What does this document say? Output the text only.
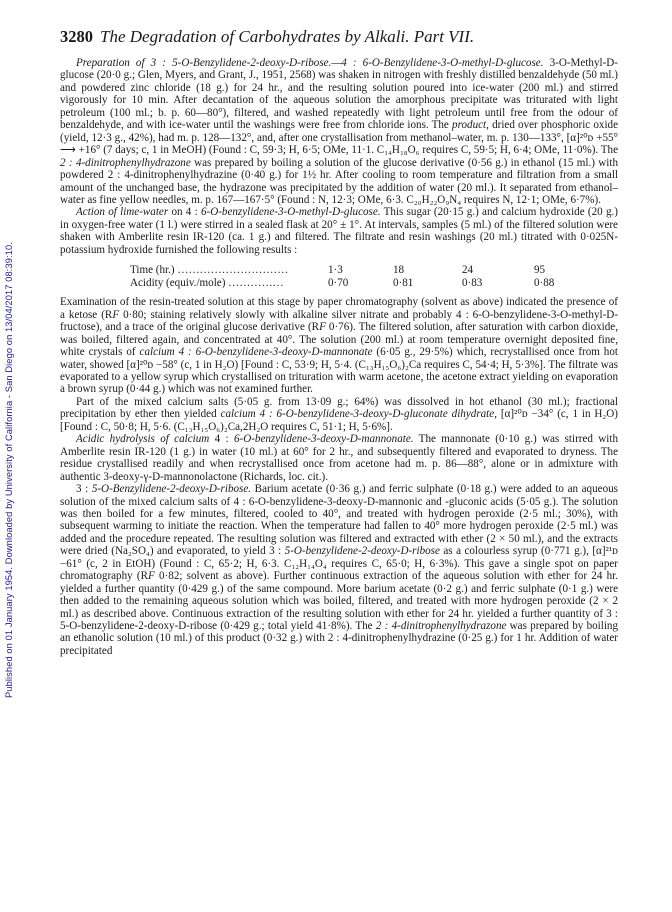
Published on 01 January 1954. Downloaded by University of California - San Diego on 13/04/2017 08:39:10.
3280 The Degradation of Carbohydrates by Alkali. Part VII.

Preparation of 3 : 5-O-Benzylidene-2-deoxy-D-ribose.—4 : 6-O-Benzylidene-3-O-methyl-D-glucose. 3-O-Methyl-D-glucose (20·0 g.; Glen, Myers, and Grant, J., 1951, 2568) was shaken in nitrogen with freshly distilled benzaldehyde (50 ml.) and powdered zinc chloride (18 g.) for 24 hr., and the resulting solution poured into ice-water (200 ml.) and stirred vigorously for 10 min. After decantation of the aqueous solution the amorphous precipitate was triturated with light petroleum (100 ml.; b. p. 60—80°), filtered, and washed repeatedly with light petroleum until free from the odour of benzaldehyde, and with ice-water until the washings were free from chloride ions. The product, dried over phosphoric oxide (yield, 12·3 g., 42%), had m. p. 128—132°, and, after one crystallisation from methanol–water, m. p. 130—133°, [α]²⁰ᴅ +55° ⟶ +16° (7 days; c, 1 in MeOH) (Found : C, 59·3; H, 6·5; OMe, 11·1. C₁₄H₁₈O₆ requires C, 59·5; H, 6·4; OMe, 11·0%). The 2 : 4-dinitrophenylhydrazone was prepared by boiling a solution of the glucose derivative (0·56 g.) in ethanol (15 ml.) with powdered 2 : 4-dinitrophenylhydrazine (0·40 g.) for 1½ hr. After cooling to room temperature and filtration from a small amount of the unchanged base, the hydrazone was precipitated by the addition of water (20 ml.). It separated from ethanol–water as fine yellow needles, m. p. 167—167·5° (Found : N, 12·3; OMe, 6·3. C₂₀H₂₂O₉N₄ requires N, 12·1; OMe, 6·7%).

Action of lime-water on 4 : 6-O-benzylidene-3-O-methyl-D-glucose. This sugar (20·15 g.) and calcium hydroxide (20 g.) in oxygen-free water (1 l.) were stirred in a sealed flask at 20° ± 1°. At intervals, samples (5 ml.) of the filtered solution were shaken with Amberlite resin IR-120 (ca. 1 g.) and filtered. The filtrate and resin washings (20 ml.) titrated with 0·025N-potassium hydroxide furnished the following results :

Time (hr.) …………………………	1·3	18	24	95
Acidity (equiv./mole) ……………	0·70	0·81	0·83	0·88

Examination of the resin-treated solution at this stage by paper chromatography (solvent as above) indicated the presence of a ketose (RF 0·80; staining relatively slowly with alkaline silver nitrate and probably 4 : 6-O-benzylidene-3-O-methyl-D-fructose), and a trace of the original glucose derivative (RF 0·76). The filtered solution, after saturation with carbon dioxide, was boiled, filtered again, and concentrated at 40°. The solution (200 ml.) at room temperature overnight deposited fine, white crystals of calcium 4 : 6-O-benzylidene-3-deoxy-D-mannonate (6·05 g., 29·5%) which, recrystallised once from hot water, showed [α]²⁰ᴅ −58° (c, 1 in H₂O) [Found : C, 53·9; H, 5·4. (C₁₃H₁₅O₆)₂Ca requires C, 54·4; H, 5·3%]. The filtrate was evaporated to a yellow syrup which crystallised on trituration with warm acetone, the acetone extract yielding on evaporation a brown syrup (0·44 g.) which was not examined further.

Part of the mixed calcium salts (5·05 g. from 13·09 g.; 64%) was dissolved in hot ethanol (30 ml.); fractional precipitation by ether then yielded calcium 4 : 6-O-benzylidene-3-deoxy-D-gluconate dihydrate, [α]²⁰ᴅ −34° (c, 1 in H₂O) [Found : C, 50·8; H, 5·6. (C₁₃H₁₅O₆)₂Ca,2H₂O requires C, 51·1; H, 5·6%].

Acidic hydrolysis of calcium 4 : 6-O-benzylidene-3-deoxy-D-mannonate. The mannonate (0·10 g.) was stirred with Amberlite resin IR-120 (1 g.) in water (10 ml.) at 60° for 2 hr., and subsequently filtered and evaporated to dryness. The residue crystallised readily and when recrystallised once from acetone had m. p. 86—88°, alone or in admixture with authentic 3-deoxy-γ-D-mannonolactone (Richards, loc. cit.).

3 : 5-O-Benzylidene-2-deoxy-D-ribose. Barium acetate (0·36 g.) and ferric sulphate (0·18 g.) were added to an aqueous solution of the mixed calcium salts of 4 : 6-O-benzylidene-3-deoxy-D-mannonic and -gluconic acids (5·05 g.). The solution was then boiled for a few minutes, filtered, cooled to 40°, and treated with hydrogen peroxide (2·5 ml.; 30%), with subsequent warming to initiate the reaction. When the temperature had fallen to 40° more hydrogen peroxide (2·5 ml.) was added and the procedure repeated. The resulting solution was filtered and extracted with ether (2 × 50 ml.), and the extracts were dried (Na₂SO₄) and evaporated, to yield 3 : 5-O-benzylidene-2-deoxy-D-ribose as a colourless syrup (0·771 g.), [α]²¹ᴅ −61° (c, 2 in EtOH) (Found : C, 65·2; H, 6·3. C₁₂H₁₄O₄ requires C, 65·0; H, 6·3%). This gave a single spot on paper chromatography (RF 0·82; solvent as above). Further continuous extraction of the aqueous solution with ether for 24 hr. yielded a further quantity (0·429 g.) of the same compound. More barium acetate (0·2 g.) and ferric sulphate (0·1 g.) were then added to the remaining aqueous solution which was boiled, filtered, and treated with more hydrogen peroxide (2 × 2 ml.) as described above. Continuous extraction of the resulting solution with ether for 24 hr. yielded a further quantity of 3 : 5-O-benzylidene-2-deoxy-D-ribose (0·429 g.; total yield 41·8%). The 2 : 4-dinitrophenylhydrazone was prepared by boiling an ethanolic solution (10 ml.) of this product (0·32 g.) with 2 : 4-dinitrophenylhydrazine (0·25 g.) for 1 hr. Addition of water precipitated
